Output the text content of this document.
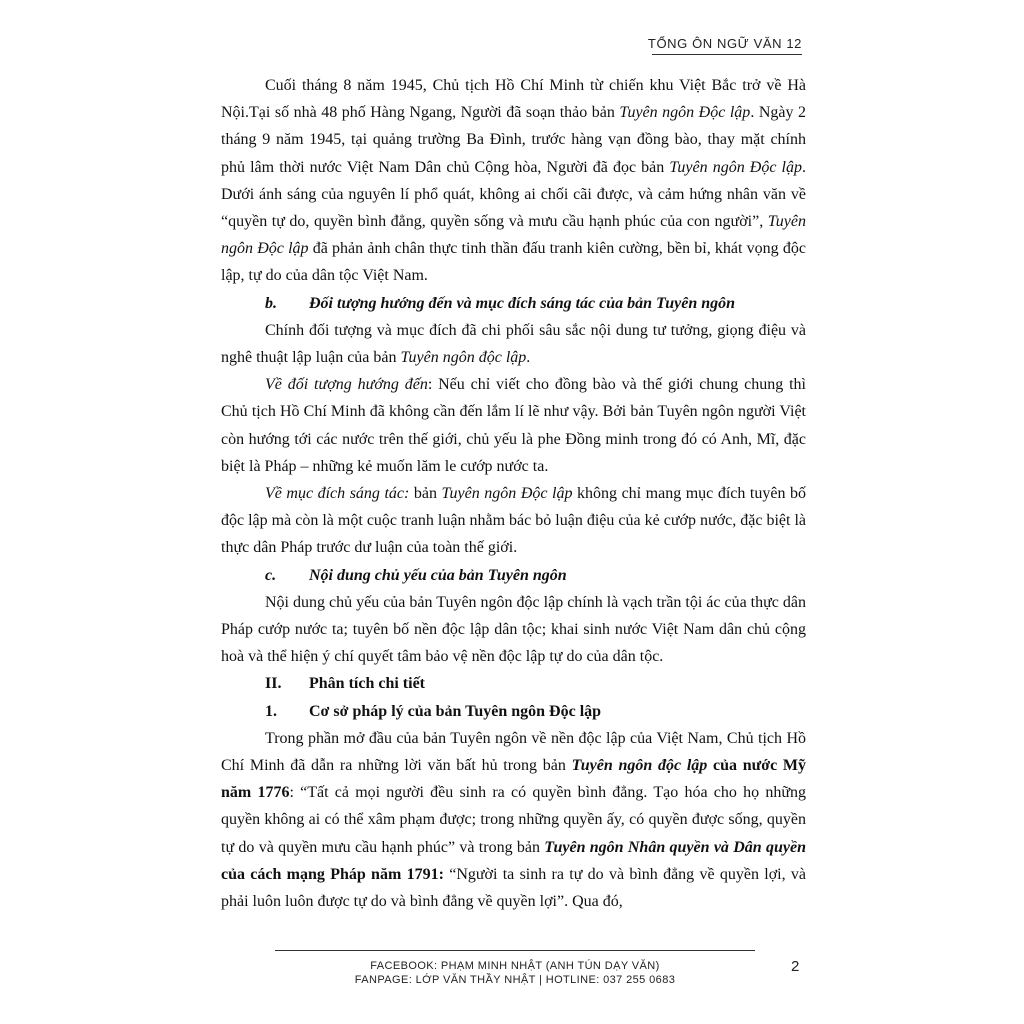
TỔNG ÔN NGỮ VĂN 12

Cuối tháng 8 năm 1945, Chủ tịch Hồ Chí Minh từ chiến khu Việt Bắc trở về Hà Nội.Tại số nhà 48 phố Hàng Ngang, Người đã soạn thảo bản Tuyên ngôn Độc lập. Ngày 2 tháng 9 năm 1945, tại quảng trường Ba Đình, trước hàng vạn đồng bào, thay mặt chính phủ lâm thời nước Việt Nam Dân chủ Cộng hòa, Người đã đọc bản Tuyên ngôn Độc lập. Dưới ánh sáng của nguyên lí phổ quát, không ai chối cãi được, và cảm hứng nhân văn về “quyền tự do, quyền bình đẳng, quyền sống và mưu cầu hạnh phúc của con người”, Tuyên ngôn Độc lập đã phản ảnh chân thực tinh thần đấu tranh kiên cường, bền bỉ, khát vọng độc lập, tự do của dân tộc Việt Nam.

b.	Đối tượng hướng đến và mục đích sáng tác của bản Tuyên ngôn

Chính đối tượng và mục đích đã chi phối sâu sắc nội dung tư tưởng, giọng điệu và nghê thuật lập luận của bản Tuyên ngôn độc lập.

Về đối tượng hướng đến: Nếu chỉ viết cho đồng bào và thế giới chung chung thì Chủ tịch Hồ Chí Minh đã không cần đến lắm lí lẽ như vậy. Bởi bản Tuyên ngôn người Việt còn hướng tới các nước trên thế giới, chủ yếu là phe Đồng minh trong đó có Anh, Mĩ, đặc biệt là Pháp – những kẻ muốn lăm le cướp nước ta.

Về mục đích sáng tác: bản Tuyên ngôn Độc lập không chỉ mang mục đích tuyên bố độc lập mà còn là một cuộc tranh luận nhằm bác bỏ luận điệu của kẻ cướp nước, đặc biệt là thực dân Pháp trước dư luận của toàn thế giới.

c.	Nội dung chủ yếu của bản Tuyên ngôn

Nội dung chủ yếu của bản Tuyên ngôn độc lập chính là vạch trần tội ác của thực dân Pháp cướp nước ta; tuyên bố nền độc lập dân tộc; khai sinh nước Việt Nam dân chủ cộng hoà và thể hiện ý chí quyết tâm bảo vệ nền độc lập tự do của dân tộc.

II.	Phân tích chi tiết
1.	Cơ sở pháp lý của bản Tuyên ngôn Độc lập

Trong phần mở đầu của bản Tuyên ngôn về nền độc lập của Việt Nam, Chủ tịch Hồ Chí Minh đã dẫn ra những lời văn bất hủ trong bản Tuyên ngôn độc lập của nước Mỹ năm 1776: “Tất cả mọi người đều sinh ra có quyền bình đẳng. Tạo hóa cho họ những quyền không ai có thể xâm phạm được; trong những quyền ấy, có quyền được sống, quyền tự do và quyền mưu cầu hạnh phúc” và trong bản Tuyên ngôn Nhân quyền và Dân quyền của cách mạng Pháp năm 1791: “Người ta sinh ra tự do và bình đẳng về quyền lợi, và phải luôn luôn được tự do và bình đẳng về quyền lợi”. Qua đó,

FACEBOOK: PHẠM MINH NHẬT (ANH TÚN DẠY VĂN)
FANPAGE: LỚP VĂN THẦY NHẬT | HOTLINE: 037 255 0683
2
